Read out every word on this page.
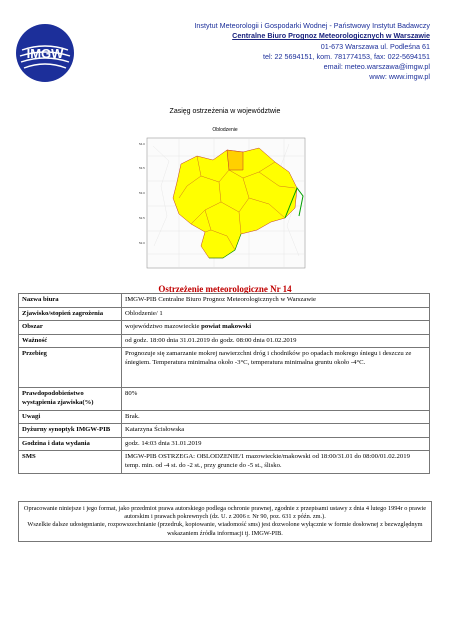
IMGW
Instytut Meteorologii i Gospodarki Wodnej - Państwowy Instytut Badawczy
Centralne Biuro Prognoz Meteorologicznych w Warszawie
01-673 Warszawa ul. Podleśna 61
tel: 22 5694151, kom. 781774153, fax: 022-5694151
email: meteo.warszawa@imgw.pl
www: www.imgw.pl
Zasięg ostrzeżenia w województwie
Oblodzenie
54.0
53.5
53.0
52.5
52.0
Ostrzeżenie meteorologiczne Nr 14
Nazwa biura	IMGW-PIB Centralne Biuro Prognoz Meteorologicznych w Warszawie
Zjawisko/stopień zagrożenia	Oblodzenie/ 1
Obszar	województwo mazowieckie powiat makowski
Ważność	od godz. 18:00 dnia 31.01.2019 do godz. 08:00 dnia 01.02.2019
Przebieg	Prognozuje się zamarzanie mokrej nawierzchni dróg i chodników po opadach mokrego śniegu i deszczu ze śniegiem. Temperatura minimalna około -3°C, temperatura minimalna gruntu około -4°C.
Prawdopodobieństwo wystąpienia zjawiska(%)	80%
Uwagi	Brak.
Dyżurny synoptyk IMGW-PIB	Katarzyna Ścisłowska
Godzina i data wydania	godz. 14:03 dnia 31.01.2019
SMS	IMGW-PIB OSTRZEGA: OBLODZENIE/1 mazowieckie/makowski od 18:00/31.01 do 08:00/01.02.2019 temp. min. od -4 st. do -2 st., przy gruncie do -5 st., ślisko.
Opracowanie niniejsze i jego format, jako przedmiot prawa autorskiego podlega ochronie prawnej, zgodnie z przepisami ustawy z dnia 4 lutego 1994r o prawie autorskim i prawach pokrewnych (dz. U. z 2006 r. Nr 90, poz. 631 z późn. zm.).
Wszelkie dalsze udostępnianie, rozpowszechnianie (przedruk, kopiowanie, wiadomość sms) jest dozwolone wyłącznie w formie dosłownej z bezwzględnym wskazaniem źródła informacji tj. IMGW-PIB.
